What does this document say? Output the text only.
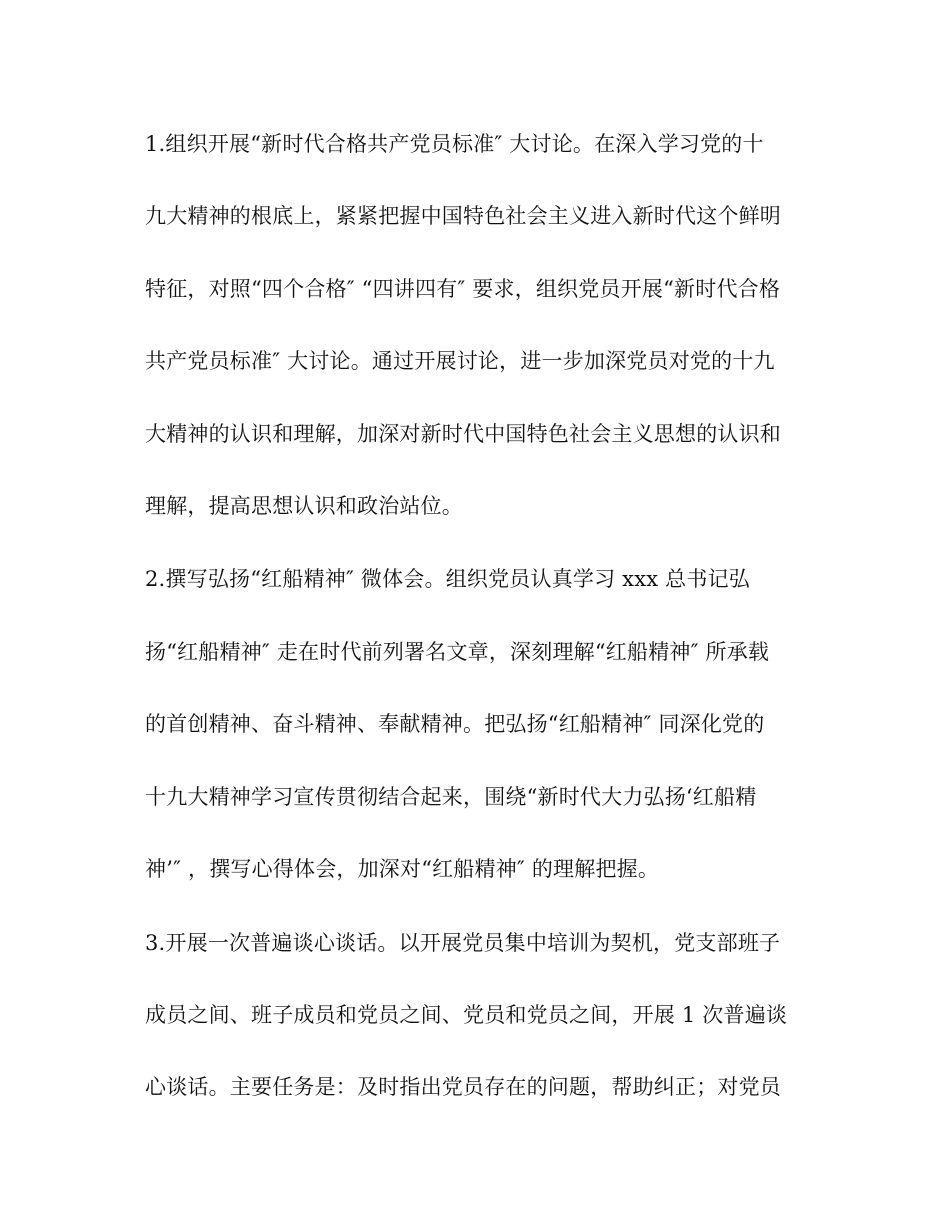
1.组织开展“新时代合格共产党员标准″ 大讨论。在深入学习党的十
九大精神的根底上，紧紧把握中国特色社会主义进入新时代这个鲜明
特征，对照“四个合格″ “四讲四有″ 要求，组织党员开展“新时代合格
共产党员标准″ 大讨论。通过开展讨论，进一步加深党员对党的十九
大精神的认识和理解，加深对新时代中国特色社会主义思想的认识和
理解，提高思想认识和政治站位。
2.撰写弘扬“红船精神″ 微体会。组织党员认真学习 xxx 总书记弘
扬“红船精神″ 走在时代前列署名文章，深刻理解“红船精神″ 所承载
的首创精神、奋斗精神、奉献精神。把弘扬“红船精神″ 同深化党的
十九大精神学习宣传贯彻结合起来，围绕“新时代大力弘扬‘红船精
神’″ ，撰写心得体会，加深对“红船精神″ 的理解把握。
3.开展一次普遍谈心谈话。以开展党员集中培训为契机，党支部班子
成员之间、班子成员和党员之间、党员和党员之间，开展 1 次普遍谈
心谈话。主要任务是：及时指出党员存在的问题，帮助纠正；对党员
